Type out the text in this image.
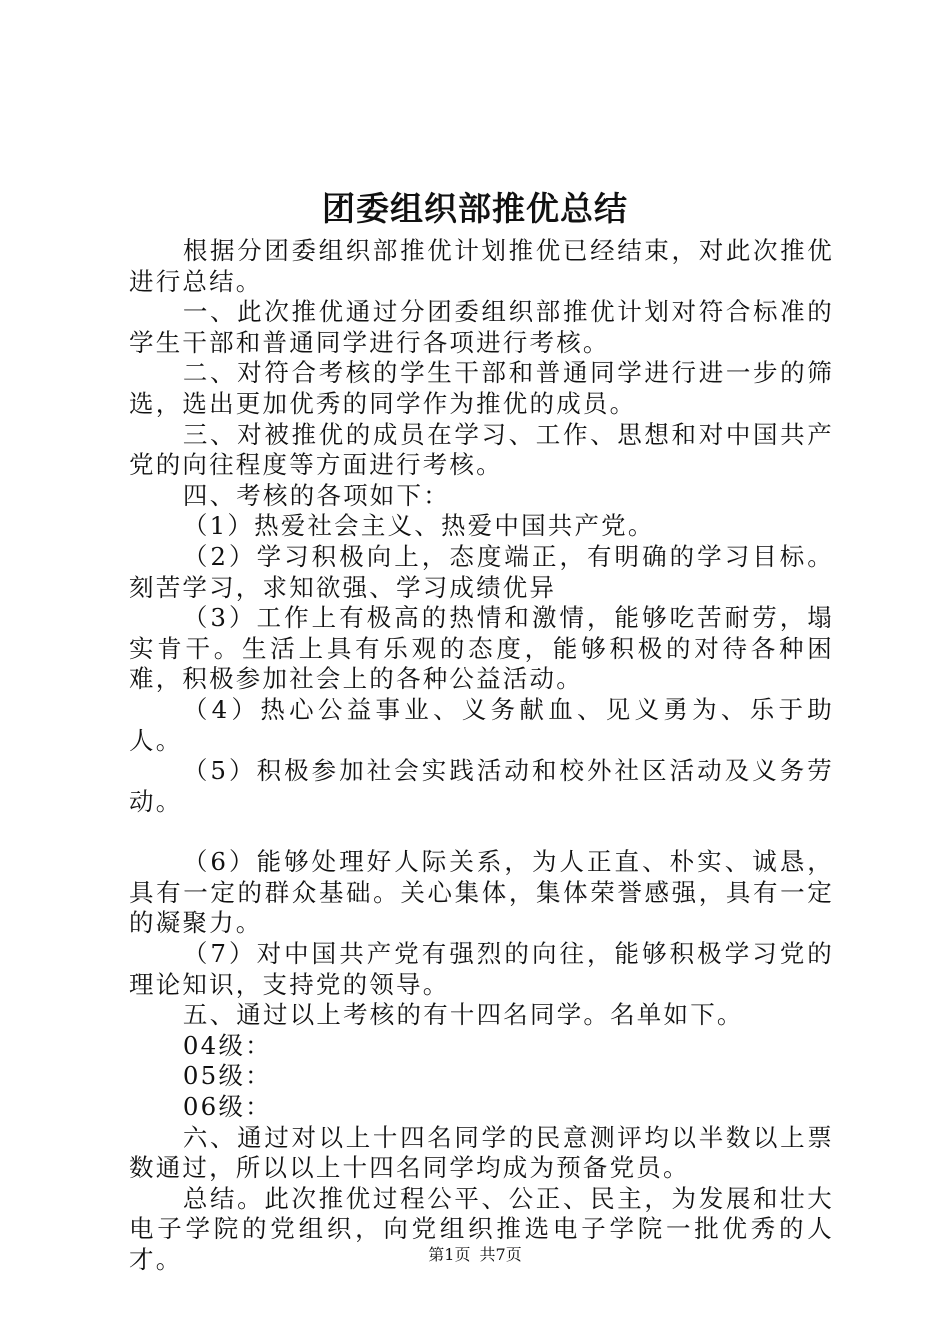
团委组织部推优总结

根据分团委组织部推优计划推优已经结束，对此次推优进行总结。

一、此次推优通过分团委组织部推优计划对符合标准的学生干部和普通同学进行各项进行考核。

二、对符合考核的学生干部和普通同学进行进一步的筛选，选出更加优秀的同学作为推优的成员。

三、对被推优的成员在学习、工作、思想和对中国共产党的向往程度等方面进行考核。

四、考核的各项如下：

（1）热爱社会主义、热爱中国共产党。

（2）学习积极向上，态度端正，有明确的学习目标。刻苦学习，求知欲强、学习成绩优异

（3）工作上有极高的热情和激情，能够吃苦耐劳，塌实肯干。生活上具有乐观的态度，能够积极的对待各种困难，积极参加社会上的各种公益活动。

（4）热心公益事业、义务献血、见义勇为、乐于助人。

（5）积极参加社会实践活动和校外社区活动及义务劳动。

（6）能够处理好人际关系，为人正直、朴实、诚恳，具有一定的群众基础。关心集体，集体荣誉感强，具有一定的凝聚力。

（7）对中国共产党有强烈的向往，能够积极学习党的理论知识，支持党的领导。

五、通过以上考核的有十四名同学。名单如下。

04级：

05级：

06级：

六、通过对以上十四名同学的民意测评均以半数以上票数通过，所以以上十四名同学均成为预备党员。

总结。此次推优过程公平、公正、民主，为发展和壮大电子学院的党组织，向党组织推选电子学院一批优秀的人才。	第1页 共7页
